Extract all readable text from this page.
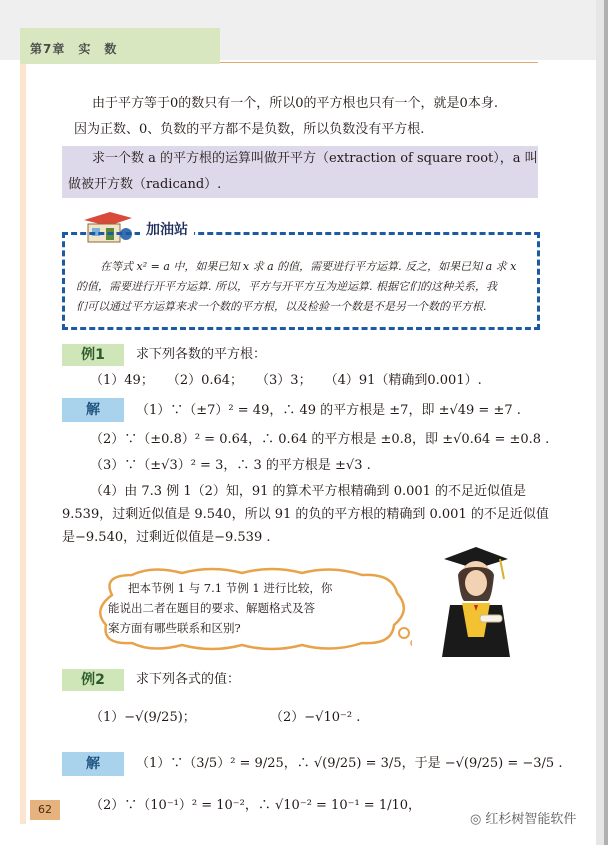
第7章　实　数
由于平方等于0的数只有一个，所以0的平方根也只有一个，就是0本身.
因为正数、0、负数的平方都不是负数，所以负数没有平方根.
求一个数 a 的平方根的运算叫做开平方（extraction of square root），a 叫
做被开方数（radicand）.
加油站
在等式 x² = a 中，如果已知 x 求 a 的值，需要进行平方运算. 反之，如果已知 a 求 x
的值，需要进行开平方运算. 所以，平方与开平方互为逆运算. 根据它们的这种关系，我
们可以通过平方运算来求一个数的平方根，以及检验一个数是不是另一个数的平方根.
例1	求下列各数的平方根：
（1）49；　　（2）0.64；　　（3）3；　　（4）91（精确到0.001）.
解	（1）∵（±7）² = 49，∴ 49 的平方根是 ±7，即 ±√49 = ±7 .
（2）∵（±0.8）² = 0.64，∴ 0.64 的平方根是 ±0.8，即 ±√0.64 = ±0.8 .
（3）∵（±√3）² = 3，∴ 3 的平方根是 ±√3 .
（4）由 7.3 例 1（2）知，91 的算术平方根精确到 0.001 的不足近似值是
9.539，过剩近似值是 9.540，所以 91 的负的平方根的精确到 0.001 的不足近似值
是−9.540，过剩近似值是−9.539 .
把本节例 1 与 7.1 节例 1 进行比较，你
能说出二者在题目的要求、解题格式及答
案方面有哪些联系和区别?
例2	求下列各式的值：
（1）−√(9/25)；	（2）−√10⁻² .
解	（1）∵（3/5）² = 9/25，∴ √(9/25) = 3/5，于是 −√(9/25) = −3/5 .
（2）∵（10⁻¹）² = 10⁻²，∴ √10⁻² = 10⁻¹ = 1/10，
62
◎ 红杉树智能软件
